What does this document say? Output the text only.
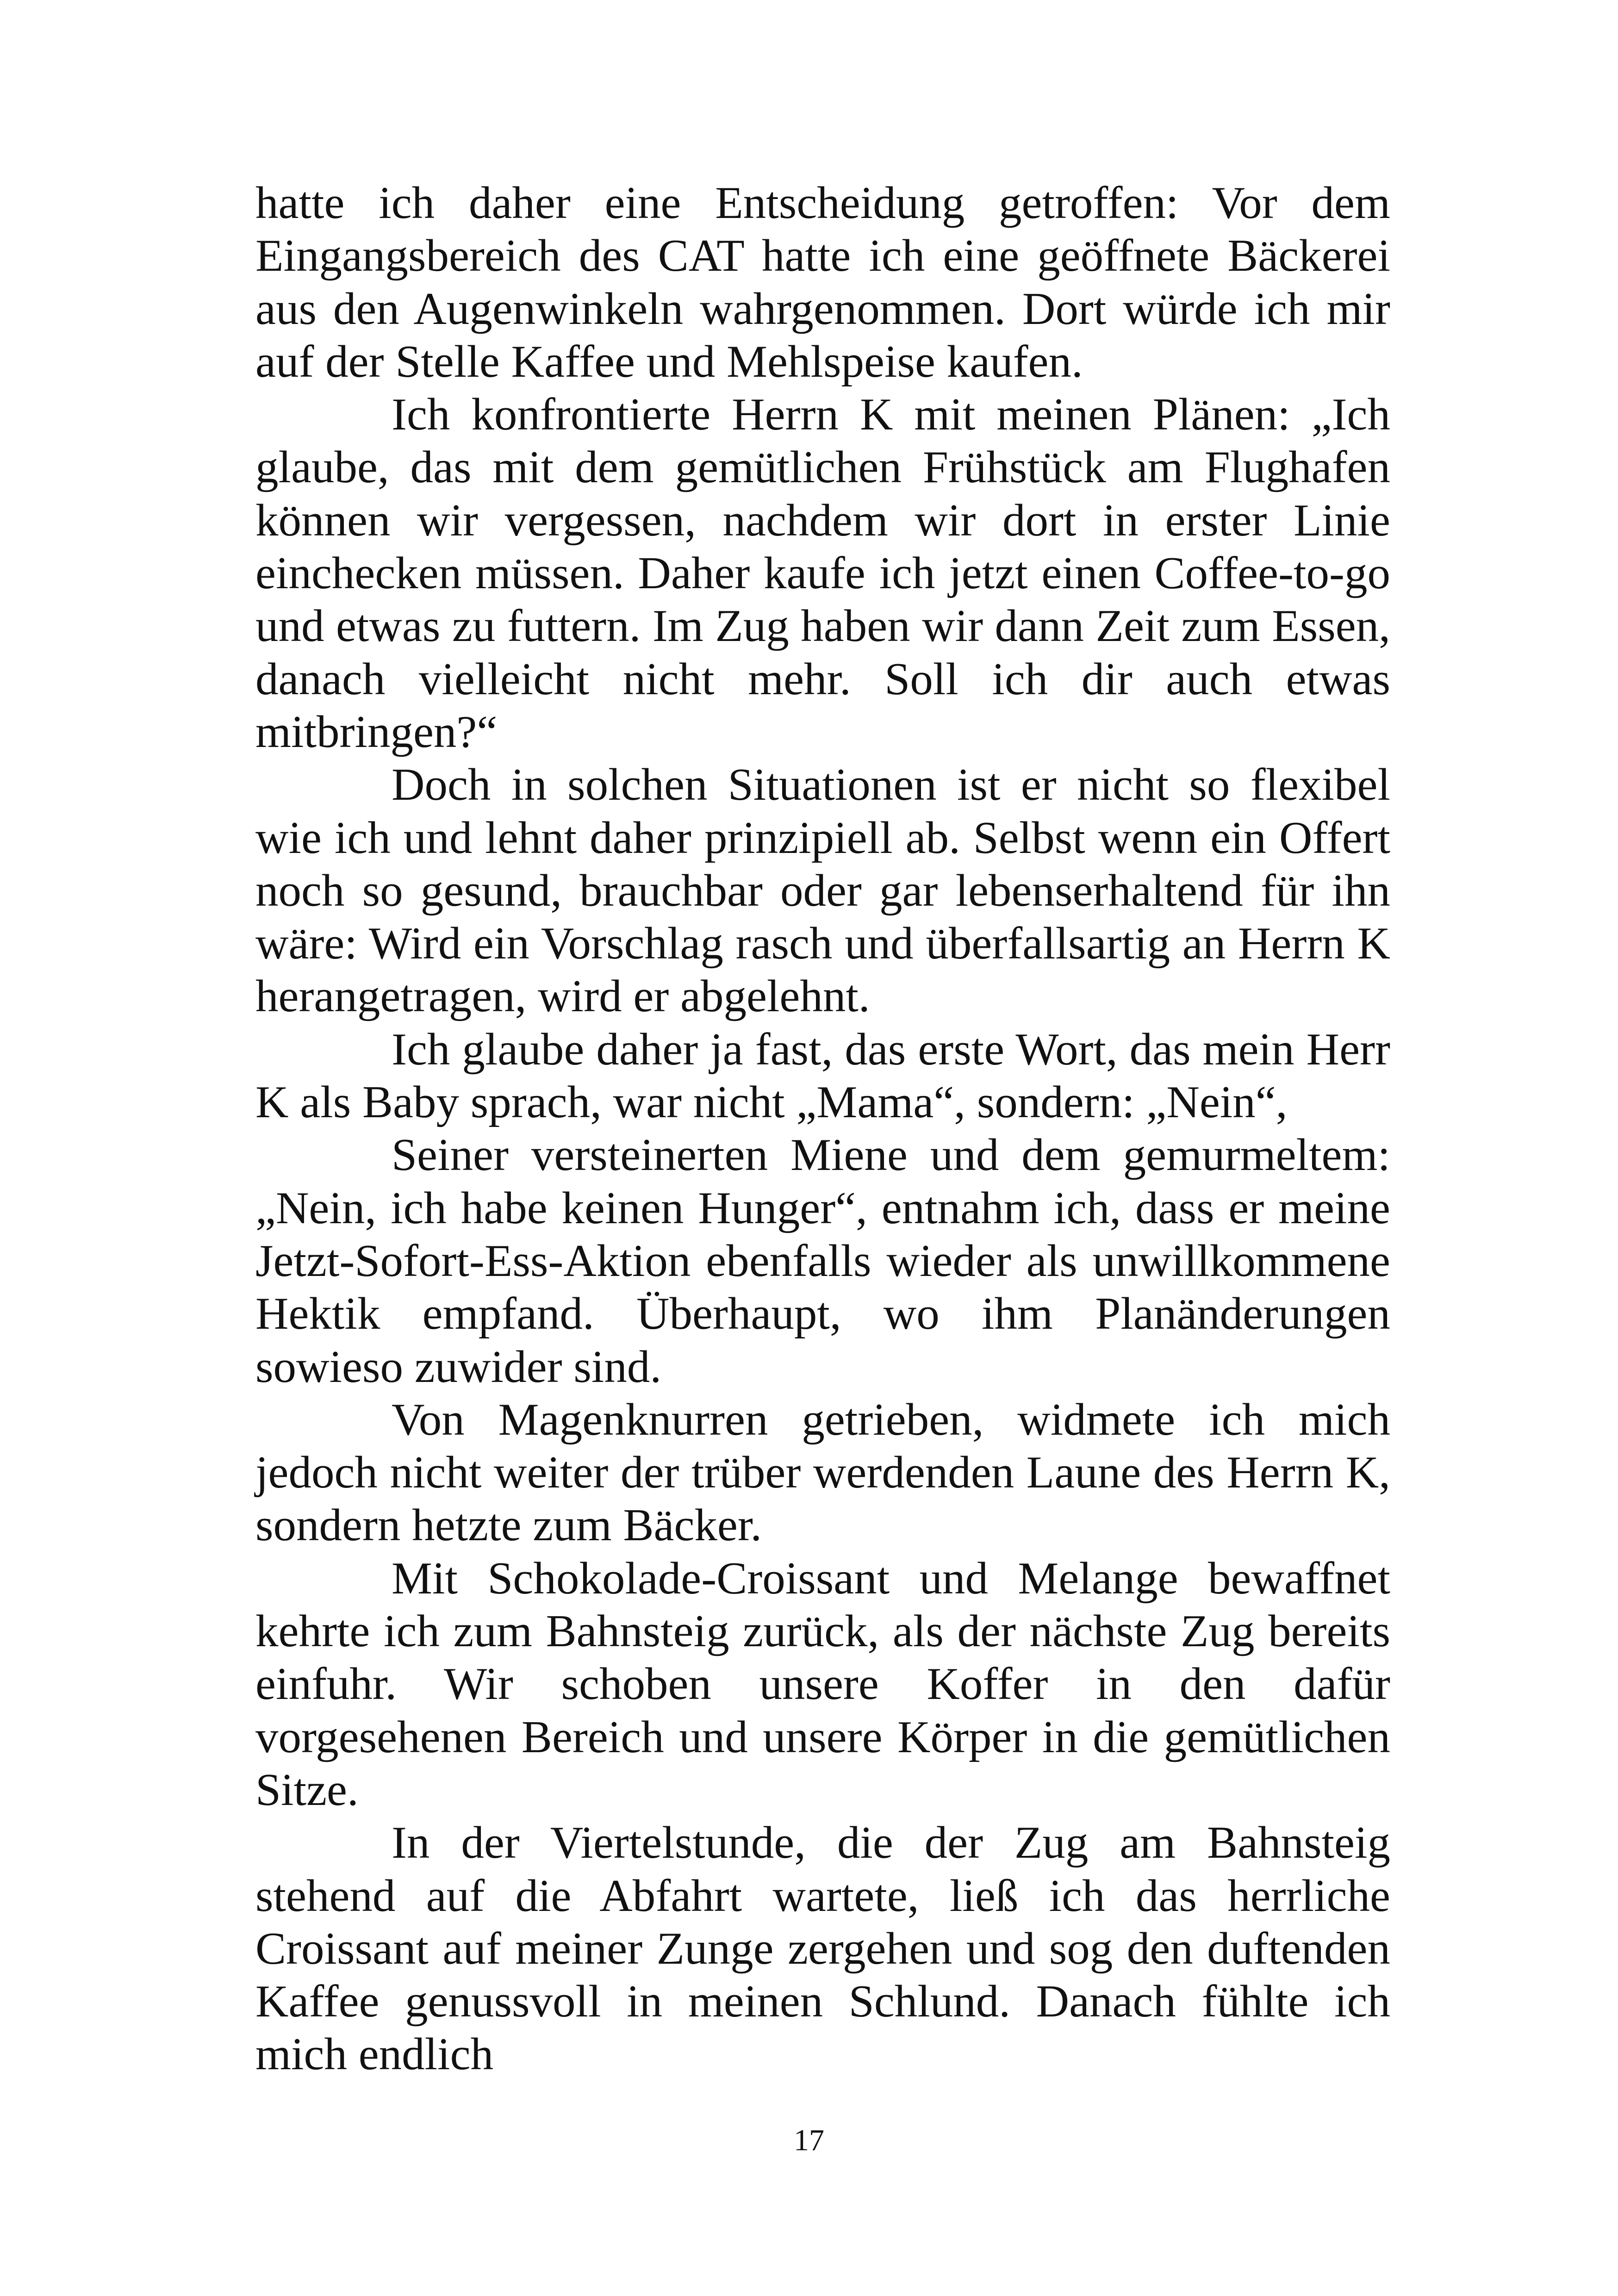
hatte ich daher eine Entscheidung getroffen: Vor dem Eingangsbereich des CAT hatte ich eine geöffnete Bäckerei aus den Augenwinkeln wahrgenommen. Dort würde ich mir auf der Stelle Kaffee und Mehlspeise kaufen.

Ich konfrontierte Herrn K mit meinen Plänen: „Ich glaube, das mit dem gemütlichen Frühstück am Flughafen können wir vergessen, nachdem wir dort in erster Linie einchecken müssen. Daher kaufe ich jetzt einen Coffee-to-go und etwas zu futtern. Im Zug haben wir dann Zeit zum Essen, danach vielleicht nicht mehr. Soll ich dir auch etwas mitbringen?“

Doch in solchen Situationen ist er nicht so flexibel wie ich und lehnt daher prinzipiell ab. Selbst wenn ein Offert noch so gesund, brauchbar oder gar lebenserhaltend für ihn wäre: Wird ein Vorschlag rasch und überfallsartig an Herrn K herangetragen, wird er abgelehnt.

Ich glaube daher ja fast, das erste Wort, das mein Herr K als Baby sprach, war nicht „Mama“, sondern: „Nein“,

Seiner versteinerten Miene und dem gemurmeltem: „Nein, ich habe keinen Hunger“, entnahm ich, dass er meine Jetzt-Sofort-Ess-Aktion ebenfalls wieder als unwillkommene Hektik empfand. Überhaupt, wo ihm Planänderungen sowieso zuwider sind.

Von Magenknurren getrieben, widmete ich mich jedoch nicht weiter der trüber werdenden Laune des Herrn K, sondern hetzte zum Bäcker.

Mit Schokolade-Croissant und Melange bewaffnet kehrte ich zum Bahnsteig zurück, als der nächste Zug bereits einfuhr. Wir schoben unsere Koffer in den dafür vorgesehenen Bereich und unsere Körper in die gemütlichen Sitze.

In der Viertelstunde, die der Zug am Bahnsteig stehend auf die Abfahrt wartete, ließ ich das herrliche Croissant auf meiner Zunge zergehen und sog den duftenden Kaffee genussvoll in meinen Schlund. Danach fühlte ich mich endlich

17
